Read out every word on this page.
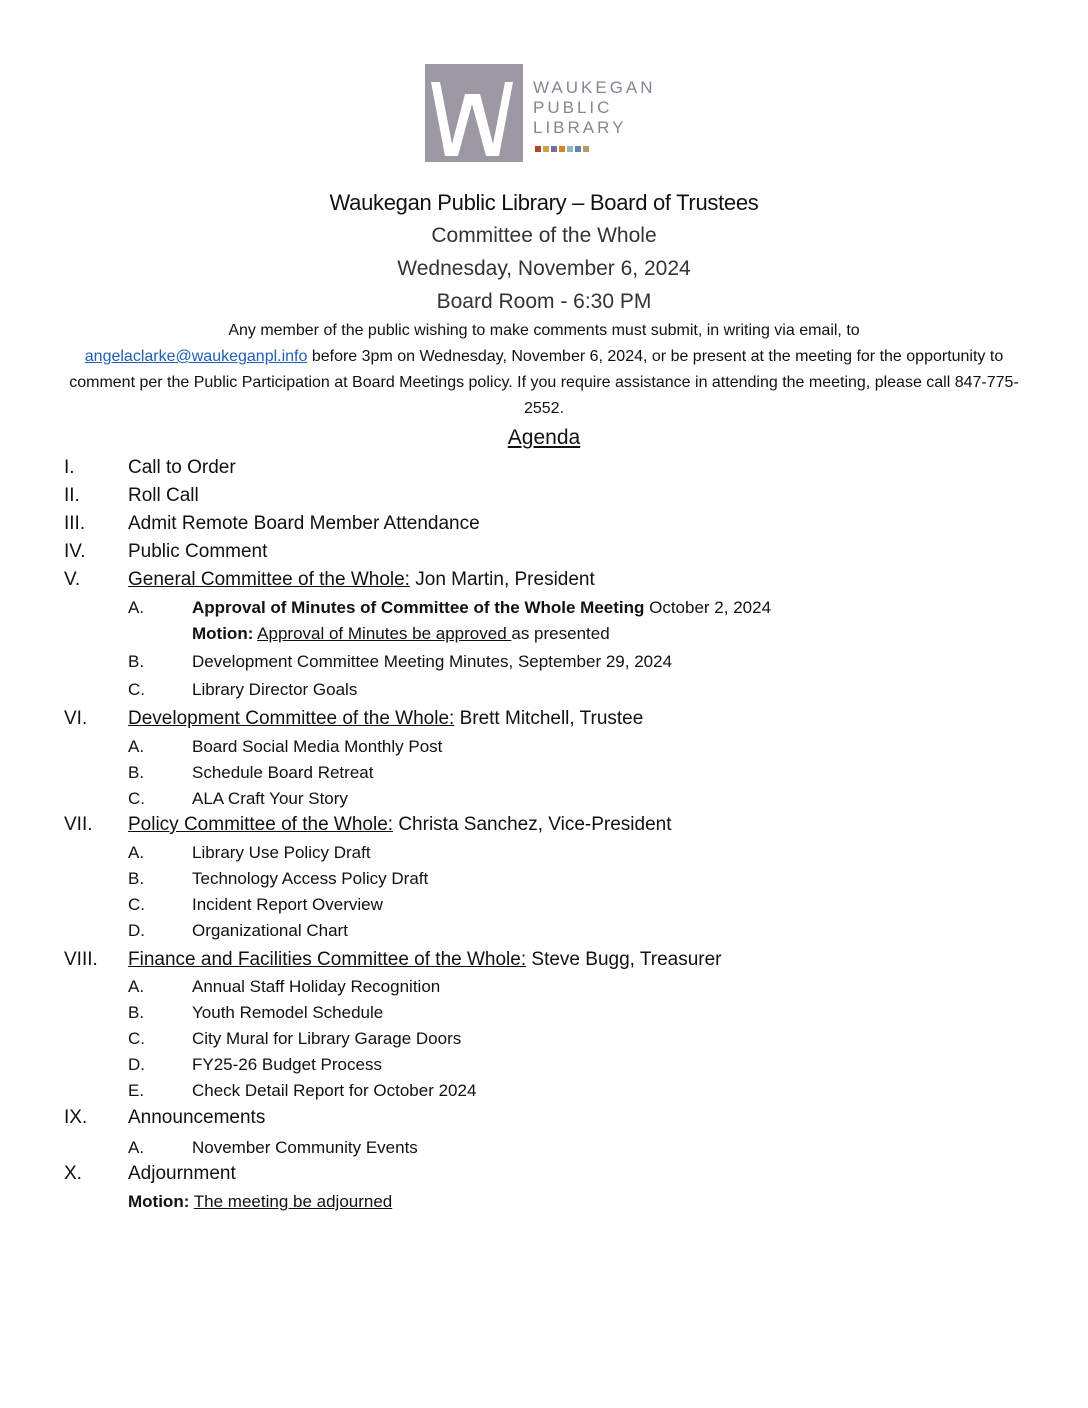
WAUKEGAN
PUBLIC
LIBRARY
Waukegan Public Library – Board of Trustees
Committee of the Whole
Wednesday, November 6, 2024
Board Room - 6:30 PM
Any member of the public wishing to make comments must submit, in writing via email, to
angelaclarke@waukeganpl.info before 3pm on Wednesday, November 6, 2024, or be present at the meeting for the opportunity to comment per the Public Participation at Board Meetings policy. If you require assistance in attending the meeting, please call 847-775-2552.
Agenda
I.	Call to Order
II.	Roll Call
III. Admit Remote Board Member Attendance
IV. Public Comment
V.	General Committee of the Whole: Jon Martin, President
A.	Approval of Minutes of Committee of the Whole Meeting October 2, 2024
Motion: Approval of Minutes be approved as presented
B.	Development Committee Meeting Minutes, September 29, 2024
C.	Library Director Goals
VI. Development Committee of the Whole: Brett Mitchell, Trustee
A.	Board Social Media Monthly Post
B.	Schedule Board Retreat
C.	ALA Craft Your Story
VII. Policy Committee of the Whole: Christa Sanchez, Vice-President
A.	Library Use Policy Draft
B.	Technology Access Policy Draft
C.	Incident Report Overview
D.	Organizational Chart
VIII. Finance and Facilities Committee of the Whole: Steve Bugg, Treasurer
A.	Annual Staff Holiday Recognition
B.	Youth Remodel Schedule
C.	City Mural for Library Garage Doors
D.	FY25-26 Budget Process
E.	Check Detail Report for October 2024
IX. Announcements
A.	November Community Events
X. Adjournment
Motion: The meeting be adjourned
